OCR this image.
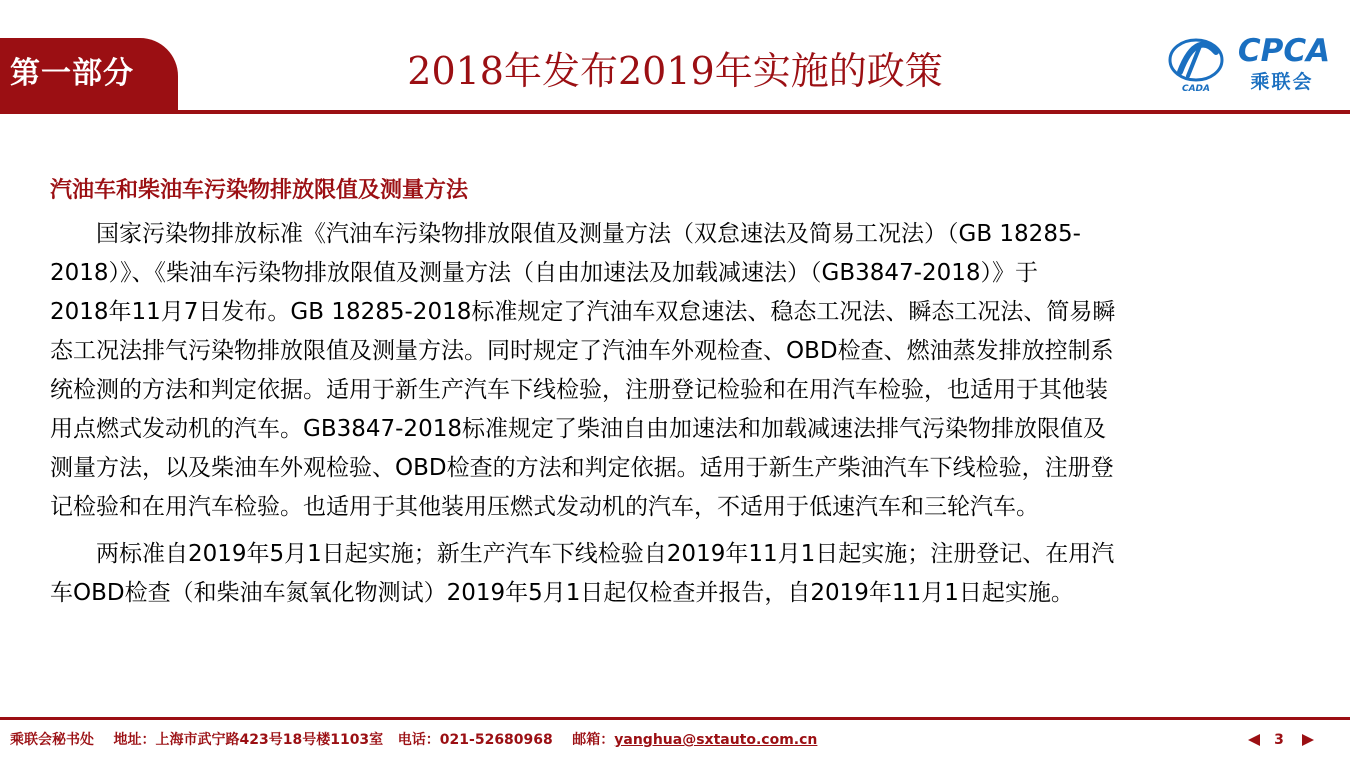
第一部分	2018年发布2019年实施的政策	CADA
CPCA
乘联会
汽油车和柴油车污染物排放限值及测量方法
　　国家污染物排放标准《汽油车污染物排放限值及测量方法（双怠速法及简易工况法）（GB 18285-
2018）》、《柴油车污染物排放限值及测量方法（自由加速法及加载减速法）（GB3847-2018）》于
2018年11月7日发布。GB 18285-2018标准规定了汽油车双怠速法、稳态工况法、瞬态工况法、简易瞬
态工况法排气污染物排放限值及测量方法。同时规定了汽油车外观检查、OBD检查、燃油蒸发排放控制系
统检测的方法和判定依据。适用于新生产汽车下线检验，注册登记检验和在用汽车检验，也适用于其他装
用点燃式发动机的汽车。GB3847-2018标准规定了柴油自由加速法和加载减速法排气污染物排放限值及
测量方法，以及柴油车外观检验、OBD检查的方法和判定依据。适用于新生产柴油汽车下线检验，注册登
记检验和在用汽车检验。也适用于其他装用压燃式发动机的汽车，不适用于低速汽车和三轮汽车。
　　两标准自2019年5月1日起实施；新生产汽车下线检验自2019年11月1日起实施；注册登记、在用汽
车OBD检查（和柴油车氮氧化物测试）2019年5月1日起仅检查并报告，自2019年11月1日起实施。
乘联会秘书处 地址：上海市武宁路423号18号楼1103室 电话：021-52680968 邮箱：yanghua@sxtauto.com.cn	3
